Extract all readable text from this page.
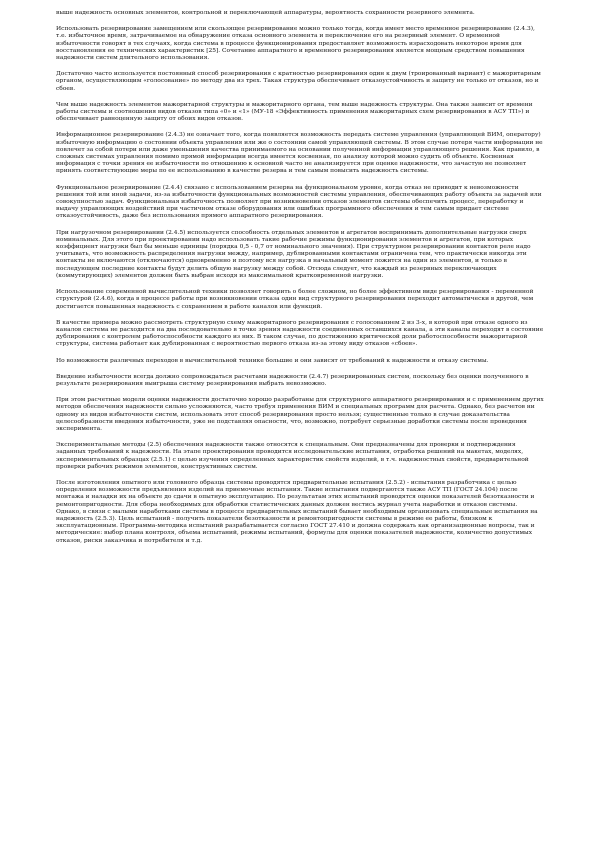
выше надежность основных элементов, контрольной и переключающей аппаратуры, вероятность сохранности резервного элемента.

Использовать резервирование замещением или скользящее резервирование можно только тогда, когда имеет место временное резервирование (2.4.3), т.е. избыточное время, затрачиваемое на обнаружение отказа основного элемента и переключение его на резервный элемент. О временной избыточности говорят в тех случаях, когда система в процессе функционирования предоставляет возможность израсходовать некоторое время для восстановления ее технических характеристик [25]. Сочетание аппаратного и временного резервирования является мощным средством повышения надежности систем длительного использования.

Достаточно часто используется постоянный способ резервирования с кратностью резервирования один к двум (троированный вариант) с мажоритарным органом, осуществляющим «голосование» по методу два из трех. Такая структура обеспечивает отказоустойчивость и защиту не только от отказов, но и сбоев.

Чем выше надежность элементов мажоритарной структуры и мажоритарного органа, тем выше надежность структуры. Она также зависит от времени работы системы и соотношения видов отказов типа «0» и «1» (МУ-18 «Эффективность применения мажоритарных схем резервирования в АСУ ТП») и обеспечивает равноценную защиту от обоих видов отказов.

Информационное резервирование (2.4.3) не означает того, когда появляется возможность передать системе управления (управляющей ВИМ, оператору) избыточную информацию о состоянии объекта управления или же о состоянии самой управляющей системы. В этом случае потеря части информации не повлечет за собой потери или даже уменьшения качества принимаемого на основании полученной информации управляющего решения. Как правило, в сложных системах управления помимо прямой информации всегда имеется косвенная, по анализу которой можно судить об объекте. Косвенная информация с точки зрения ее избыточности по отношению к основной часто не анализируется при оценке надежности, что зачастую не позволяет принять соответствующие меры по ее использованию в качестве резерва и тем самым повысить надежность системы.

Функциональное резервирование (2.4.4) связано с использованием резерва на функциональном уровне, когда отказ не приводит к невозможности решения той или иной задачи, из-за избыточности функциональных возможностей системы управления, обеспечивающих работу объекта за задачей или совокупностью задач. Функциональная избыточность позволяет при возникновении отказов элементов системы обеспечить процесс, переработку и выдачу управляющих воздействий при частичном отказе оборудования или ошибках программного обеспечения и тем самым придает системе отказоустойчивость, даже без использования прямого аппаратного резервирования.

При нагрузочном резервировании (2.4.5) используется способность отдельных элементов и агрегатов воспринимать дополнительные нагрузки сверх номинальных. Для этого при проектировании надо использовать такие рабочие режимы функционирования элементов и агрегатов, при которых коэффициент нагрузки был бы меньше единицы (порядка 0,5 - 0,7 от номинального значения). При структурном резервировании контактов реле надо учитывать, что возможность распределения нагрузки между, например, дублированными контактами ограничена тем, что практически никогда эти контакты не включаются (отключаются) одновременно и поэтому вся нагрузка в начальный момент ложится на один из элементов, и только в последующем последние контакты будут делить общую нагрузку между собой. Отсюда следует, что каждый из резервных переключающих (коммутирующих) элементов должен быть выбран исходя из максимальной кратковременной нагрузки.

Использование современной вычислительной техники позволяет говорить о более сложном, но более эффективном виде резервирования - переменной структурой (2.4.6), когда в процессе работы при возникновении отказа один вид структурного резервирования переходит автоматически в другой, чем достигается повышенная надежность с сохранением в работе каналов или функций.

В качестве примера можно рассмотреть структурную схему мажоритарного резервирования с голосованием 2 из 3-х, в которой при отказе одного из каналов система не расходится на два последовательно в точке зрения надежности соединенных оставшихся канала, а эти каналы переходят в состояние дублирования с контролем работоспособности каждого из них. В таком случае, по достижению критической доли работоспособности мажоритарной структуры, система работает как дублированная с вероятностью первого отказа из-за этому виду отказов «сбоев».

Но возможности различных переходов в вычислительной технике большие и они зависят от требований к надежности и отказу системы.

Введение избыточности всегда должно сопровождаться расчетами надежности (2.4.7) резервированных систем, поскольку без оценки полученного в результате резервирования выигрыша систему резервирования выбрать невозможно.

При этом расчетные модели оценки надежности достаточно хорошо разработаны для структурного аппаратного резервирования и с применением других методов обеспечения надежности сильно усложняются, часто требуя применения ВИМ и специальных программ для расчета. Однако, без расчетов ни одному из видов избыточности систем, использовать этот способ резервирования просто нельзя; существенные только в случае доказательства целесообразности введения избыточности, уже не подставляя опасности, что, возможно, потребует серьезные доработки системы после проведения эксперимента.

Экспериментальные методы (2.5) обеспечения надежности также относятся к специальным. Они предназначены для проверки и подтверждения заданных требований к надежности. На этапе проектирования проводится исследовательские испытания, отработка решений на макетах, моделях, экспериментальных образцах (2.5.1) с целью изучения определенных характеристик свойств изделий, в т.ч. надежностных свойств, предварительной проверки рабочих режимов элементов, конструктивных систем.

После изготовления опытного или головного образца системы проводятся предварительные испытания (2.5.2) - испытания разработчика с целью определения возможности предъявления изделий на приемочные испытания. Такие испытания подвергаются также АСУ ТП (ГОСТ 24.104) после монтажа и наладки их на объекте до сдачи в опытную эксплуатацию. По результатам этих испытаний проводятся оценки показателей безотказности и ремонтопригодности. Для сбора необходимых для обработки статистических данных должен вестись журнал учета наработки и отказов системы. Однако, в связи с малыми наработками системы в процессе предварительных испытаний бывает необходимым организовать специальные испытания на надежность (2.5.3). Цель испытаний - получить показатели безотказности и ремонтопригодности системы в режиме ее работы, близком к эксплуатационным. Программа-методика испытаний разрабатывается согласно ГОСТ 27.410 и должна содержать как организационные вопросы, так и методические: выбор плана контроля, объема испытаний, режимы испытаний, формулы для оценки показателей надежности, количество допустимых отказов, риски заказчика и потребителя и т.д.
